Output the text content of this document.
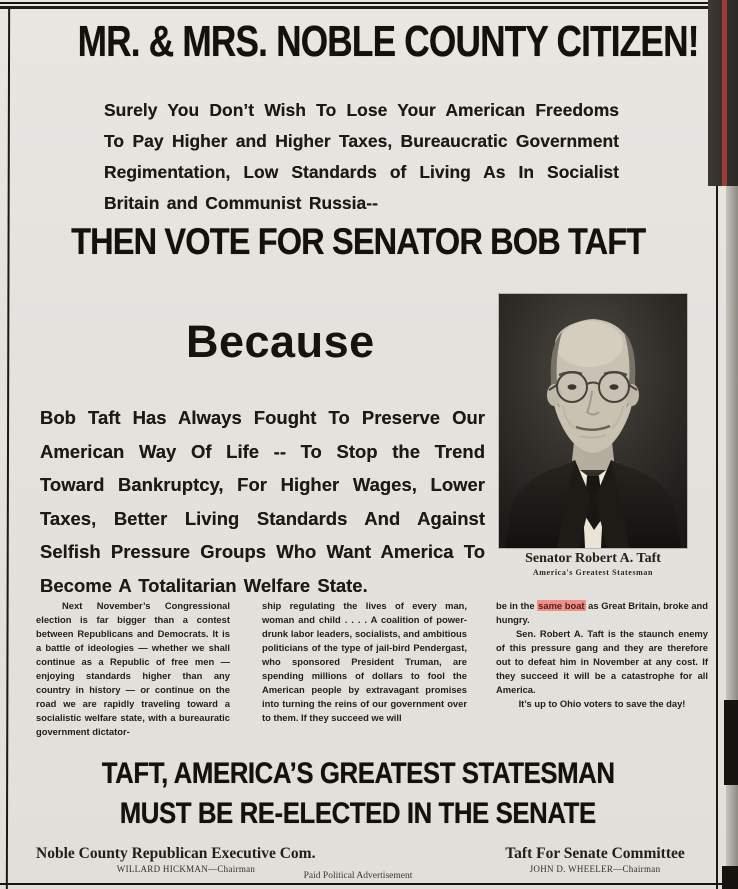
MR. & MRS. NOBLE COUNTY CITIZEN!
Surely You Don’t Wish To Lose Your American Freedoms To Pay Higher and Higher Taxes, Bureaucratic Government Regimentation, Low Standards of Living As In Socialist Britain and Communist Russia--
THEN VOTE FOR SENATOR BOB TAFT
Because
Bob Taft Has Always Fought To Preserve Our American Way Of Life -- To Stop the Trend Toward Bankruptcy, For Higher Wages, Lower Taxes, Better Living Standards And Against Selfish Pressure Groups Who Want America To Become A Totalitarian Welfare State.
Senator Robert A. Taft
America's Greatest Statesman

Next November’s Congressional election is far bigger than a contest between Republicans and Democrats. It is a battle of ideologies — whether we shall continue as a Republic of free men — enjoying standards higher than any country in history — or continue on the road we are rapidly traveling toward a socialistic welfare state, with a bureauratic government dictator-

ship regulating the lives of every man, woman and child . . . . A coalition of power-drunk labor leaders, socialists, and ambitious politicians of the type of jail-bird Pendergast, who sponsored President Truman, are spending millions of dollars to fool the American people by extravagant promises into turning the reins of our government over to them. If they succeed we will

be in the same boat as Great Britain, broke and hungry.

Sen. Robert A. Taft is the staunch enemy of this pressure gang and they are therefore out to defeat him in November at any cost. If they succeed it will be a catastrophe for all America.

It’s up to Ohio voters to save the day!

TAFT, AMERICA’S GREATEST STATESMAN
MUST BE RE-ELECTED IN THE SENATE
Noble County Republican Executive Com.
WILLARD HICKMAN—Chairman
Taft For Senate Committee
JOHN D. WHEELER—Chairman
Paid Political Advertisement
